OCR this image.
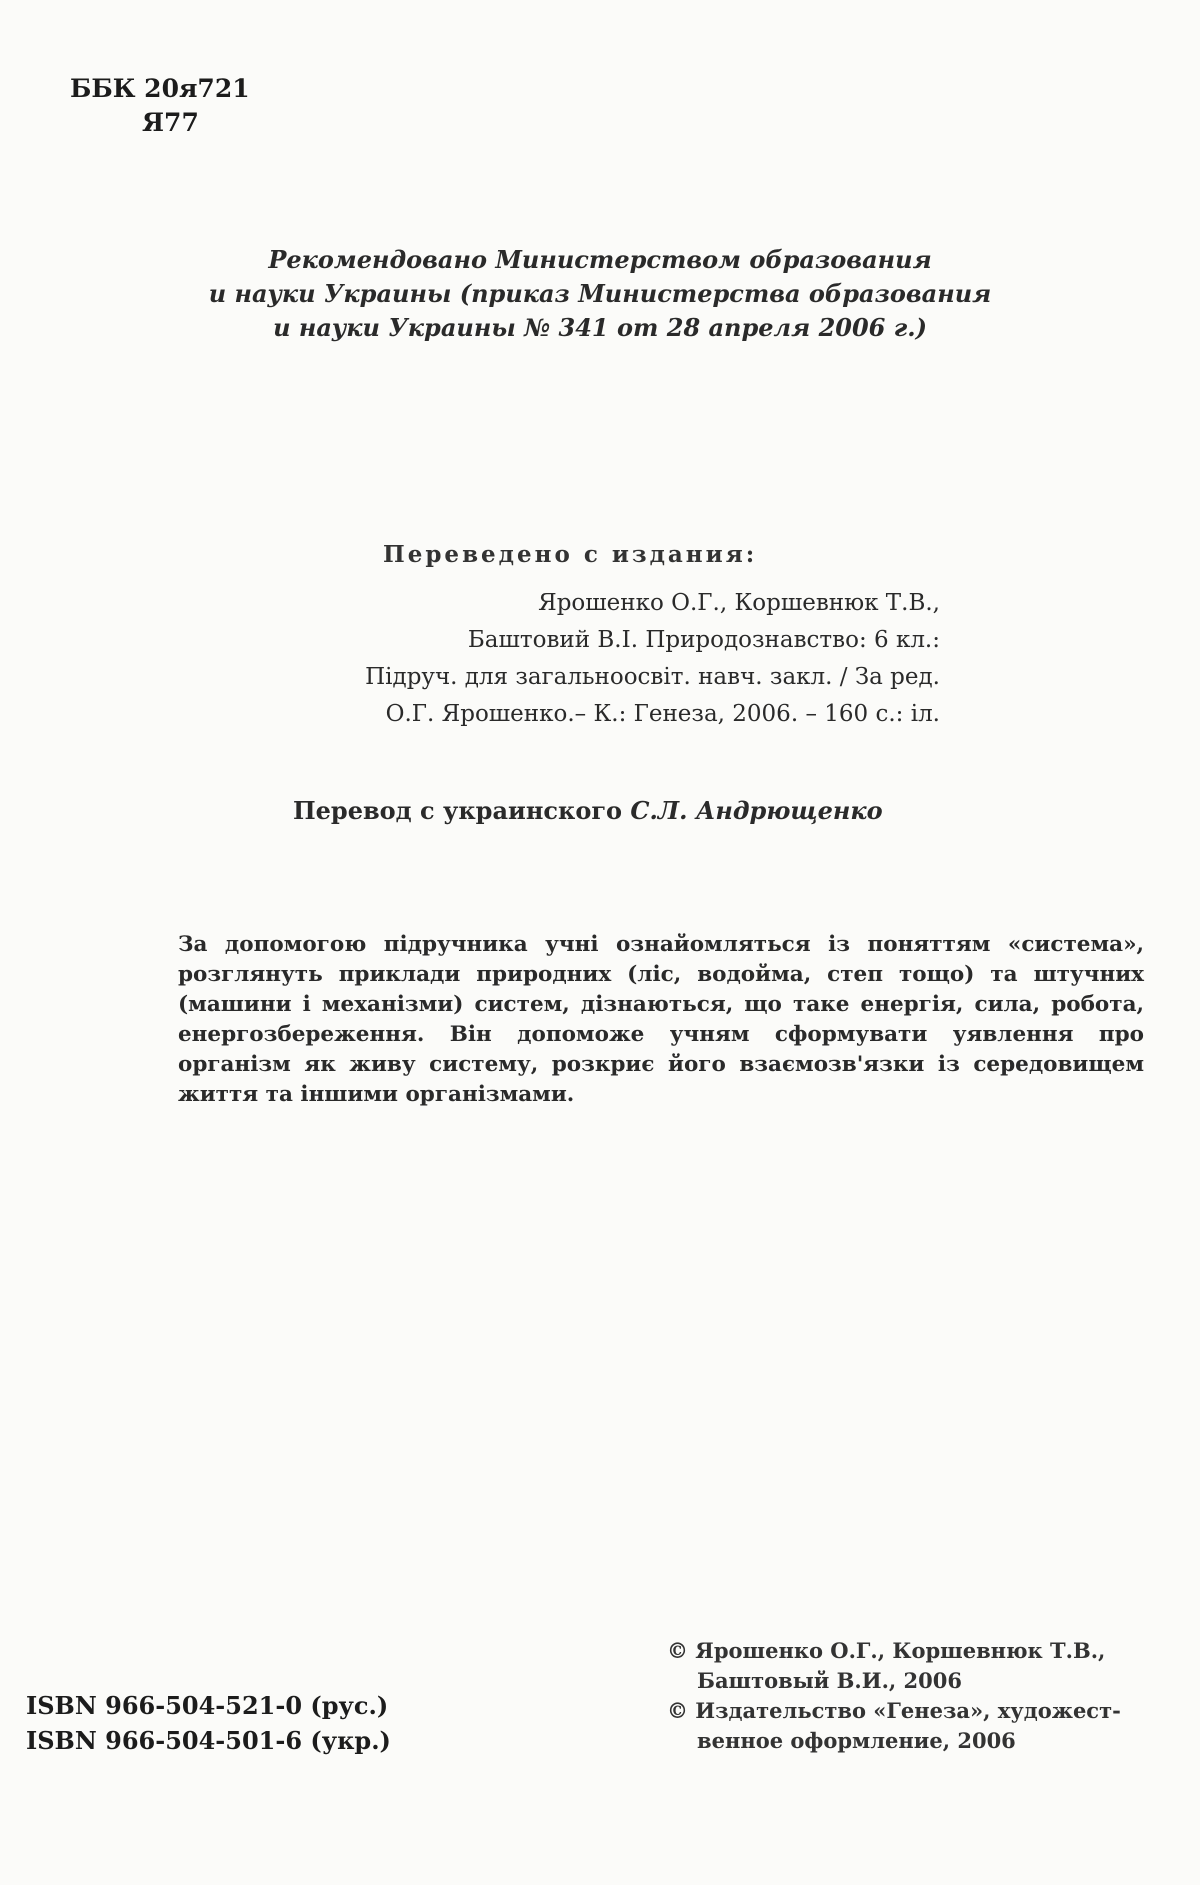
ББК 20я721
Я77
Рекомендовано Министерством образования
и науки Украины (приказ Министерства образования
и науки Украины № 341 от 28 апреля 2006 г.)
Переведено с издания:
Ярошенко О.Г., Коршевнюк Т.В.,
Баштовий В.І. Природознавство: 6 кл.:
Підруч. для загальноосвіт. навч. закл. / За ред.
О.Г. Ярошенко.– К.: Генеза, 2006. – 160 с.: іл.
Перевод с украинского С.Л. Андрющенко
За допомогою підручника учні ознайомляться із поняттям «система», розглянуть приклади природних (ліс, водойма, степ тощо) та штучних (машини і механізми) систем, дізнаються, що таке енергія, сила, робота, енергозбереження. Він допоможе учням сформувати уявлення про організм як живу систему, розкриє його взаємозв'язки із середовищем життя та іншими організмами.
ISBN 966-504-521-0 (рус.)
ISBN 966-504-501-6 (укр.)
© Ярошенко О.Г., Коршевнюк Т.В.,
Баштовый В.И., 2006
© Издательство «Генеза», художест-
венное оформление, 2006
